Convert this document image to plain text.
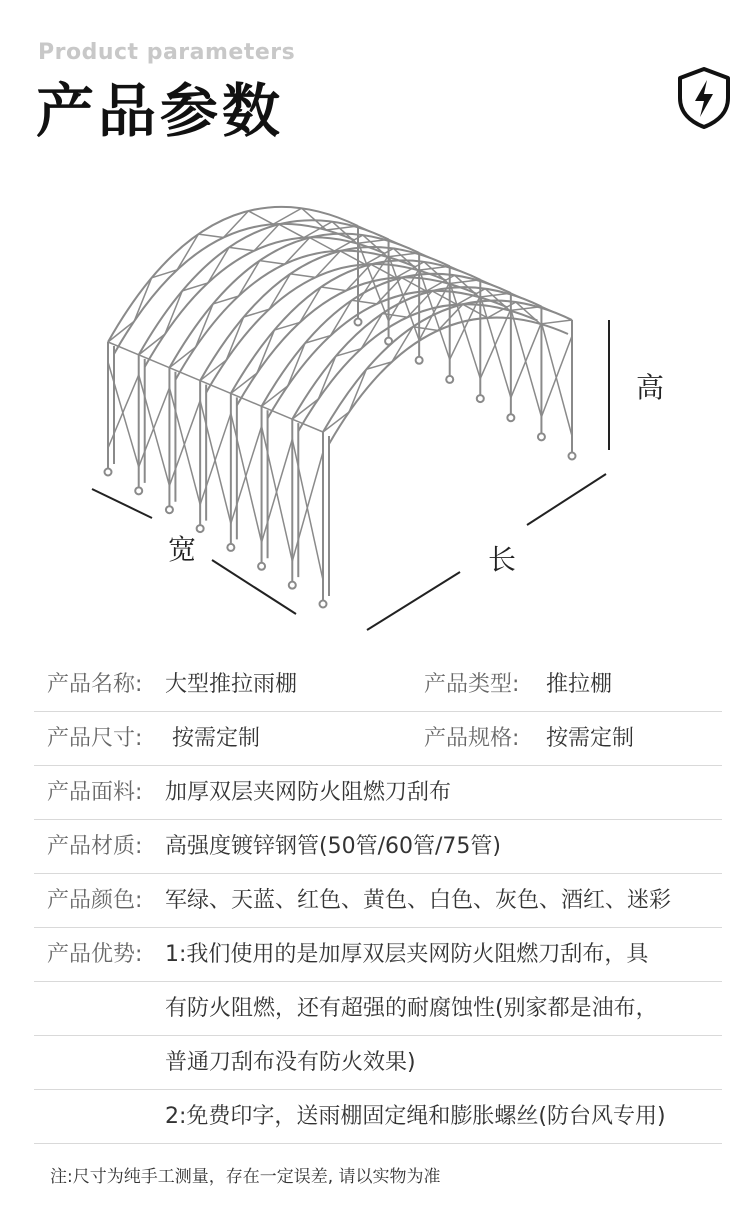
Product parameters
产品参数
高
宽	长
产品名称: 大型推拉雨棚	产品类型: 推拉棚
产品尺寸: 按需定制	产品规格: 按需定制
产品面料: 加厚双层夹网防火阻燃刀刮布
产品材质: 高强度镀锌钢管(50管/60管/75管)
产品颜色: 军绿、天蓝、红色、黄色、白色、灰色、酒红、迷彩
产品优势: 1:我们使用的是加厚双层夹网防火阻燃刀刮布，具
有防火阻燃，还有超强的耐腐蚀性(别家都是油布，
普通刀刮布没有防火效果)
2:免费印字，送雨棚固定绳和膨胀螺丝(防台风专用)
注:尺寸为纯手工测量，存在一定误差, 请以实物为准
